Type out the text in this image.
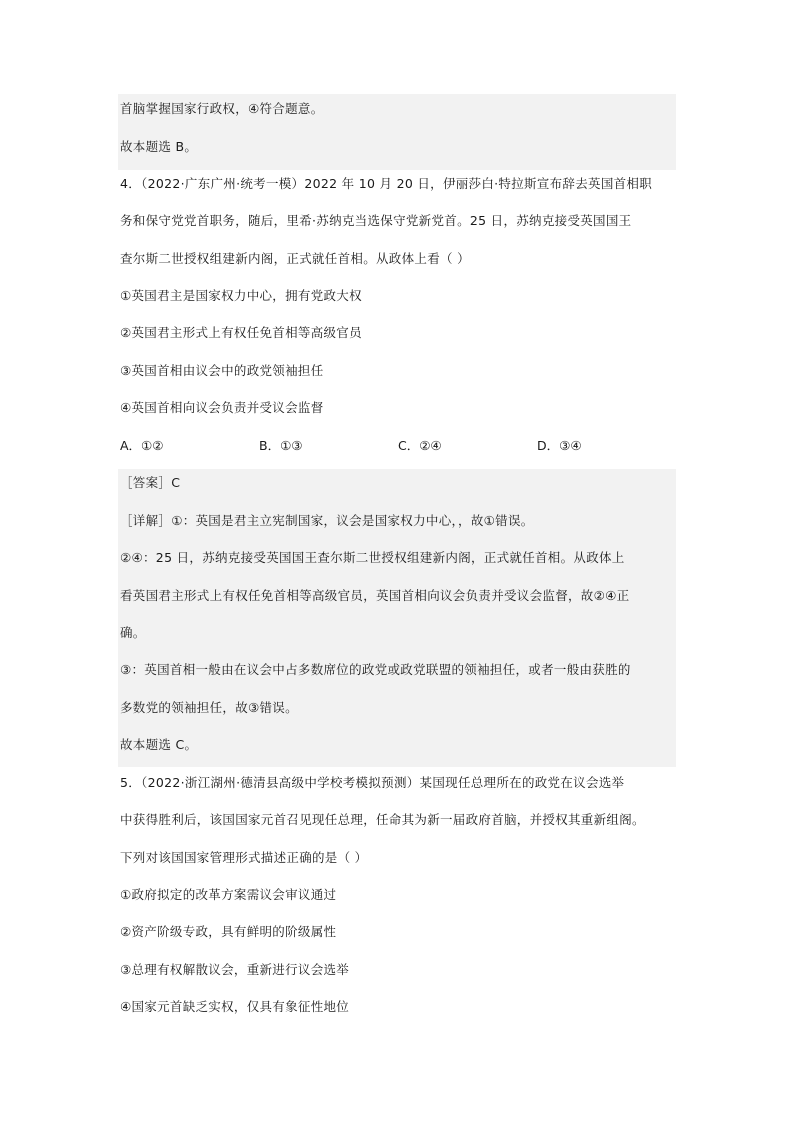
首脑掌握国家行政权，④符合题意。
故本题选 B。
4．（2022·广东广州·统考一模）2022 年 10 月 20 日，伊丽莎白·特拉斯宣布辞去英国首相职
务和保守党党首职务，随后，里希·苏纳克当选保守党新党首。25 日，苏纳克接受英国国王
查尔斯二世授权组建新内阁，正式就任首相。从政体上看（ ）
①英国君主是国家权力中心，拥有党政大权
②英国君主形式上有权任免首相等高级官员
③英国首相由议会中的政党领袖担任
④英国首相向议会负责并受议会监督
A．①②	B．①③	C．②④	D．③④
［答案］C
［详解］①：英国是君主立宪制国家，议会是国家权力中心，，故①错误。
②④：25 日，苏纳克接受英国国王查尔斯二世授权组建新内阁，正式就任首相。从政体上
看英国君主形式上有权任免首相等高级官员，英国首相向议会负责并受议会监督，故②④正
确。
③：英国首相一般由在议会中占多数席位的政党或政党联盟的领袖担任，或者一般由获胜的
多数党的领袖担任，故③错误。
故本题选 C。
5．（2022·浙江湖州·德清县高级中学校考模拟预测）某国现任总理所在的政党在议会选举
中获得胜利后，该国国家元首召见现任总理，任命其为新一届政府首脑，并授权其重新组阁。
下列对该国国家管理形式描述正确的是（ ）
①政府拟定的改革方案需议会审议通过
②资产阶级专政，具有鲜明的阶级属性
③总理有权解散议会，重新进行议会选举
④国家元首缺乏实权，仅具有象征性地位
